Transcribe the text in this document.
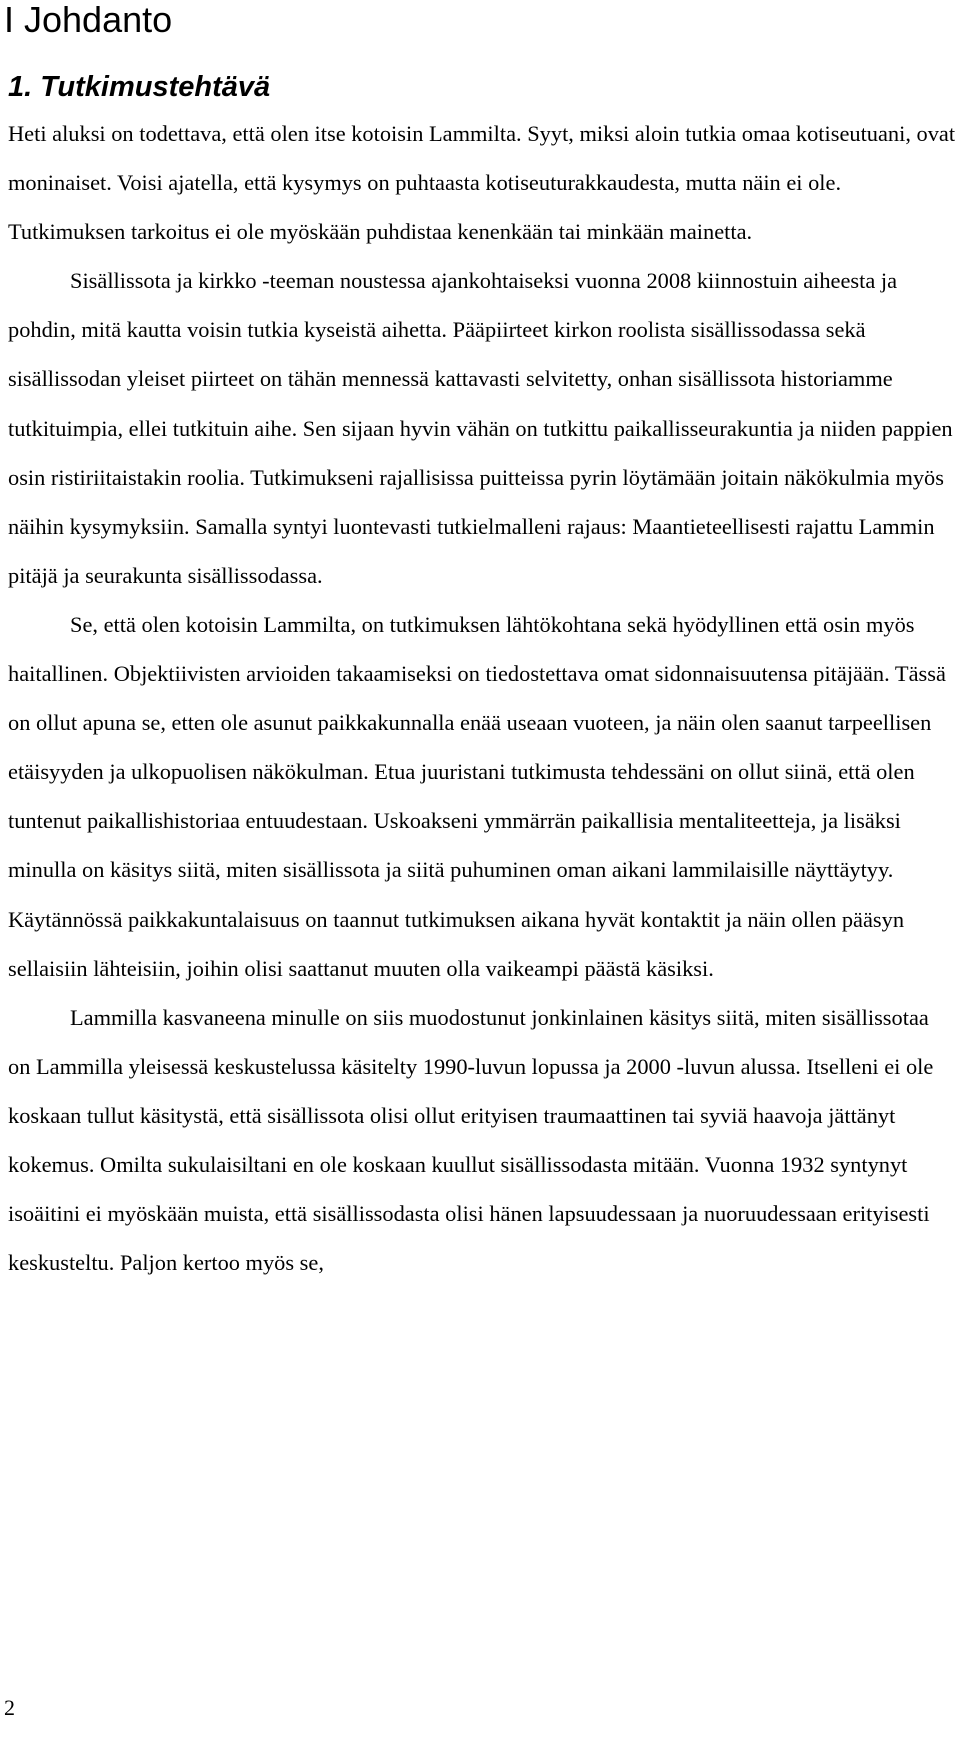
I Johdanto
1. Tutkimustehtävä

Heti aluksi on todettava, että olen itse kotoisin Lammilta. Syyt, miksi aloin tutkia omaa kotiseutuani, ovat moninaiset. Voisi ajatella, että kysymys on puhtaasta kotiseuturakkaudesta, mutta näin ei ole. Tutkimuksen tarkoitus ei ole myöskään puhdistaa kenenkään tai minkään mainetta.

Sisällissota ja kirkko -teeman noustessa ajankohtaiseksi vuonna 2008 kiinnostuin aiheesta ja pohdin, mitä kautta voisin tutkia kyseistä aihetta. Pääpiirteet kirkon roolista sisällissodassa sekä sisällissodan yleiset piirteet on tähän mennessä kattavasti selvitetty, onhan sisällissota historiamme tutkituimpia, ellei tutkituin aihe. Sen sijaan hyvin vähän on tutkittu paikallisseurakuntia ja niiden pappien osin ristiriitaistakin roolia. Tutkimukseni rajallisissa puitteissa pyrin löytämään joitain näkökulmia myös näihin kysymyksiin. Samalla syntyi luontevasti tutkielmalleni rajaus: Maantieteellisesti rajattu Lammin pitäjä ja seurakunta sisällissodassa.

Se, että olen kotoisin Lammilta, on tutkimuksen lähtökohtana sekä hyödyllinen että osin myös haitallinen. Objektiivisten arvioiden takaamiseksi on tiedostettava omat sidonnaisuutensa pitäjään. Tässä on ollut apuna se, etten ole asunut paikkakunnalla enää useaan vuoteen, ja näin olen saanut tarpeellisen etäisyyden ja ulkopuolisen näkökulman. Etua juuristani tutkimusta tehdessäni on ollut siinä, että olen tuntenut paikallishistoriaa entuudestaan. Uskoakseni ymmärrän paikallisia mentaliteetteja, ja lisäksi minulla on käsitys siitä, miten sisällissota ja siitä puhuminen oman aikani lammilaisille näyttäytyy. Käytännössä paikkakuntalaisuus on taannut tutkimuksen aikana hyvät kontaktit ja näin ollen pääsyn sellaisiin lähteisiin, joihin olisi saattanut muuten olla vaikeampi päästä käsiksi.

Lammilla kasvaneena minulle on siis muodostunut jonkinlainen käsitys siitä, miten sisällissotaa on Lammilla yleisessä keskustelussa käsitelty 1990-luvun lopussa ja 2000 -luvun alussa. Itselleni ei ole koskaan tullut käsitystä, että sisällissota olisi ollut erityisen traumaattinen tai syviä haavoja jättänyt kokemus. Omilta sukulaisiltani en ole koskaan kuullut sisällissodasta mitään. Vuonna 1932 syntynyt isoäitini ei myöskään muista, että sisällissodasta olisi hänen lapsuudessaan ja nuoruudessaan erityisesti keskusteltu. Paljon kertoo myös se,

2
